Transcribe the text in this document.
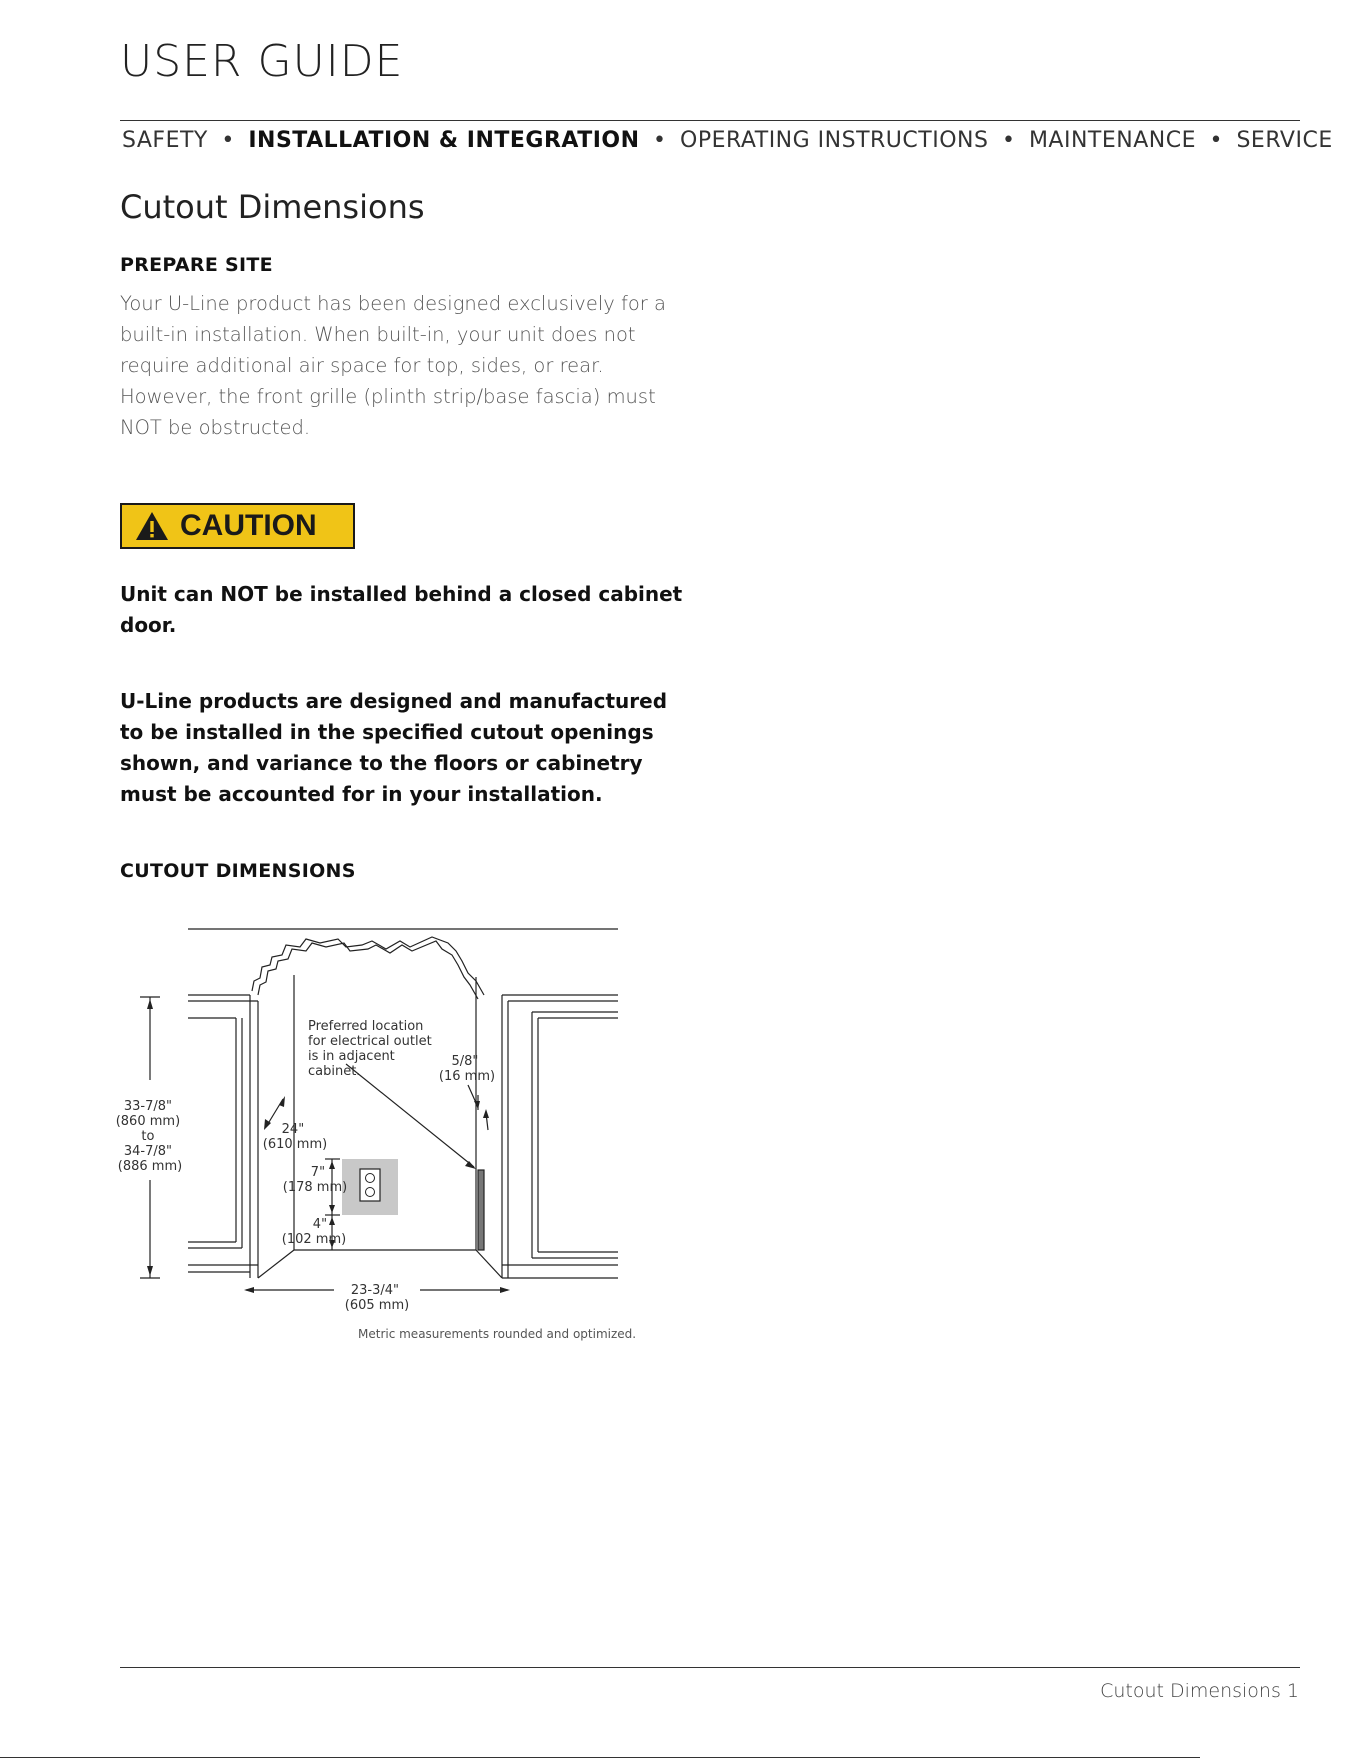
USER GUIDE
SAFETY • INSTALLATION & INTEGRATION • OPERATING INSTRUCTIONS • MAINTENANCE • SERVICE
Cutout Dimensions
PREPARE SITE
Your U-Line product has been designed exclusively for a
built-in installation. When built-in, your unit does not
require additional air space for top, sides, or rear.
However, the front grille (plinth strip/base fascia) must
NOT be obstructed.
CAUTION
Unit can NOT be installed behind a closed cabinet
door.
U-Line products are designed and manufactured
to be installed in the specified cutout openings
shown, and variance to the floors or cabinetry
must be accounted for in your installation.
CUTOUT DIMENSIONS
Preferred location for electrical outlet is in adjacent cabinet.
33-7/8" (860 mm) to 34-7/8" (886 mm)
24" (610 mm)
5/8" (16 mm)
7" (178 mm)
4" (102 mm)
23-3/4" (605 mm)
Metric measurements rounded and optimized.
Cutout Dimensions 1
